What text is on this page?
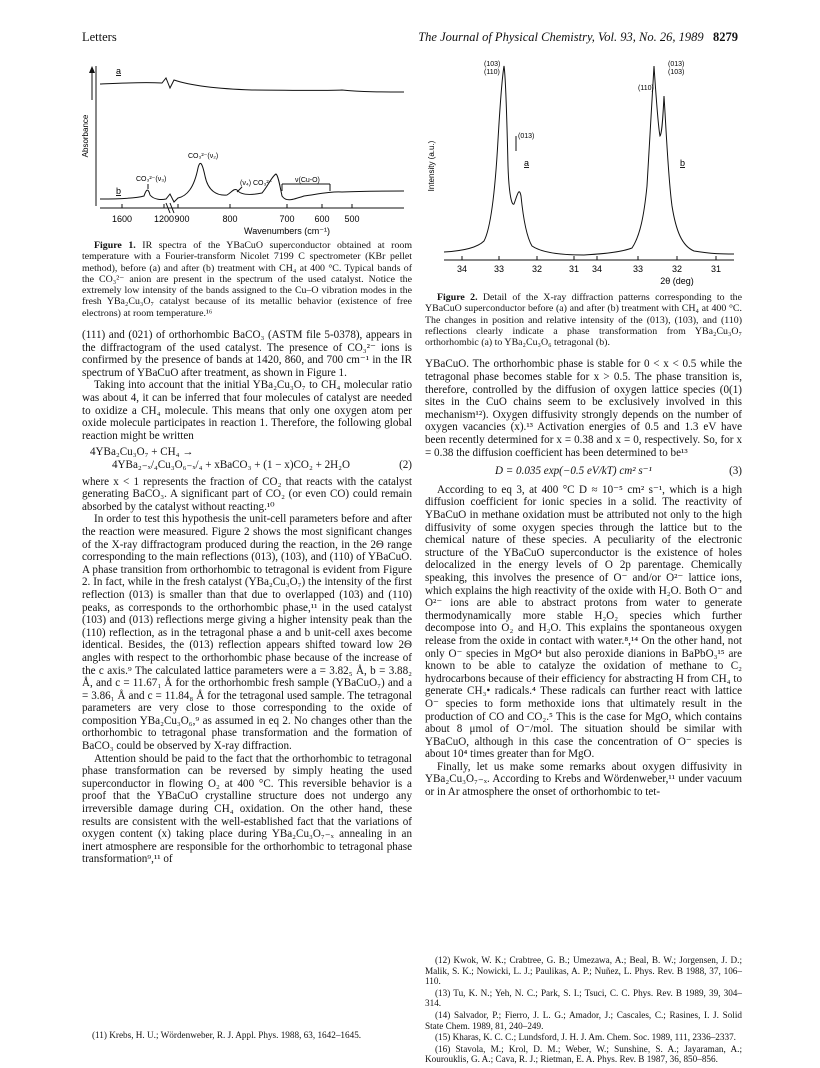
Letters	The Journal of Physical Chemistry, Vol. 93, No. 26, 1989 8279
Absorbance
1600 1200 900	800	700 600 500
Wavenumbers (cm⁻¹)
a
b
CO₃²⁻(ν₃)
CO₃²⁻(ν₂)
(ν₄) CO₃²⁻	ν(Cu-O)

Figure 1. IR spectra of the YBaCuO superconductor obtained at room temperature with a Fourier-transform Nicolet 7199 C spectrometer (KBr pellet method), before (a) and after (b) treatment with CH₄ at 400 °C. Typical bands of the CO₃²⁻ anion are present in the spectrum of the used catalyst. Notice the extremely low intensity of the bands assigned to the Cu–O vibration modes in the fresh YBa₂Cu₃O₇ catalyst because of its metallic behavior (existence of free electrons) at room temperature.¹⁶

(111) and (021) of orthorhombic BaCO₃ (ASTM file 5-0378), appears in the diffractogram of the used catalyst. The presence of CO₃²⁻ ions is confirmed by the presence of bands at 1420, 860, and 700 cm⁻¹ in the IR spectrum of YBaCuO after treatment, as shown in Figure 1.

Taking into account that the initial YBa₂Cu₃O₇ to CH₄ molecular ratio was about 4, it can be inferred that four molecules of catalyst are needed to oxidize a CH₄ molecule. This means that only one oxygen atom per oxide molecule participates in reaction 1. Therefore, the following global reaction might be written

4YBa₂Cu₃O₇ + CH₄ →
4YBa₂₋ₓ/₄Cu₃O₆₋ₓ/₄ + xBaCO₃ + (1 − x)CO₂ + 2H₂O	(2)

where x < 1 represents the fraction of CO₂ that reacts with the catalyst generating BaCO₃. A significant part of CO₂ (or even CO) could remain absorbed by the catalyst without reacting.¹⁰

In order to test this hypothesis the unit-cell parameters before and after the reaction were measured. Figure 2 shows the most significant changes of the X-ray diffractogram produced during the reaction, in the 2Θ range corresponding to the main reflections (013), (103), and (110) of YBaCuO. A phase transition from orthorhombic to tetragonal is evident from Figure 2. In fact, while in the fresh catalyst (YBa₂Cu₃O₇) the intensity of the first reflection (013) is smaller than that due to overlapped (103) and (110) peaks, as corresponds to the orthorhombic phase,¹¹ in the used catalyst (103) and (013) reflections merge giving a higher intensity peak than the (110) reflection, as in the tetragonal phase a and b unit-cell axes become identical. Besides, the (013) reflection appears shifted toward low 2Θ angles with respect to the orthorhombic phase because of the increase of the c axis.⁹ The calculated lattice parameters were a = 3.82₅ Å, b = 3.88₂ Å, and c = 11.67₁ Å for the orthorhombic fresh sample (YBaCuO₇) and a = 3.86₁ Å and c = 11.84₈ Å for the tetragonal used sample. The tetragonal parameters are very close to those corresponding to the oxide of composition YBa₂Cu₃O₆,⁹ as assumed in eq 2. No changes other than the orthorhombic to tetragonal phase transformation and the formation of BaCO₃ could be observed by X-ray diffraction.

Attention should be paid to the fact that the orthorhombic to tetragonal phase transformation can be reversed by simply heating the used superconductor in flowing O₂ at 400 °C. This reversible behavior is a proof that the YBaCuO crystalline structure does not undergo any irreversible damage during CH₄ oxidation. On the other hand, these results are consistent with the well-established fact that the variations of oxygen content (x) taking place during YBa₂Cu₃O₇₋ₓ annealing in an inert atmosphere are responsible for the orthorhombic to tetragonal phase transformation⁹,¹¹ of

(11) Krebs, H. U.; Wördenweber, R. J. Appl. Phys. 1988, 63, 1642–1645.

Intensity (a.u.)
34	33	32	31 34	33	32	31
2θ (deg)
(103)
(110)
(013)
a
(013)
(103)
(110)
b

Figure 2. Detail of the X-ray diffraction patterns corresponding to the YBaCuO superconductor before (a) and after (b) treatment with CH₄ at 400 °C. The changes in position and relative intensity of the (013), (103), and (110) reflections clearly indicate a phase transformation from YBa₂Cu₃O₇ orthorhombic (a) to YBa₂Cu₃O₆ tetragonal (b).

YBaCuO. The orthorhombic phase is stable for 0 < x < 0.5 while the tetragonal phase becomes stable for x > 0.5. The phase transition is, therefore, controlled by the diffusion of oxygen lattice species (0(1) sites in the CuO chains seem to be exclusively involved in this mechanism¹²). Oxygen diffusivity strongly depends on the number of oxygen vacancies (x).¹³ Activation energies of 0.5 and 1.3 eV have been recently determined for x = 0.38 and x = 0, respectively. So, for x = 0.38 the diffusion coefficient has been determined to be¹³

D = 0.035 exp(−0.5 eV/kT) cm² s⁻¹	(3)

According to eq 3, at 400 °C D ≈ 10⁻⁵ cm² s⁻¹, which is a high diffusion coefficient for ionic species in a solid. The reactivity of YBaCuO in methane oxidation must be attributed not only to the high diffusivity of some oxygen species through the lattice but to the chemical nature of these species. A peculiarity of the electronic structure of the YBaCuO superconductor is the existence of holes delocalized in the energy levels of O 2p parentage. Chemically speaking, this involves the presence of O⁻ and/or O²⁻ lattice ions, which explains the high reactivity of the oxide with H₂O. Both O⁻ and O²⁻ ions are able to abstract protons from water to generate thermodynamically more stable H₂O₂ species which further decompose into O₂ and H₂O. This explains the spontaneous oxygen release from the oxide in contact with water.⁸,¹⁴ On the other hand, not only O⁻ species in MgO⁴ but also peroxide dianions in BaPbO₃¹⁵ are known to be able to catalyze the oxidation of methane to C₂ hydrocarbons because of their efficiency for abstracting H from CH₄ to generate CH₃• radicals.⁴ These radicals can further react with lattice O⁻ species to form methoxide ions that ultimately result in the production of CO and CO₂.⁵ This is the case for MgO, which contains about 8 μmol of O⁻/mol. The situation should be similar with YBaCuO, although in this case the concentration of O⁻ species is about 10⁴ times greater than for MgO.

Finally, let us make some remarks about oxygen diffusivity in YBa₂Cu₃O₇₋ₓ. According to Krebs and Wördenweber,¹¹ under vacuum or in Ar atmosphere the onset of orthorhombic to tet-

(12) Kwok, W. K.; Crabtree, G. B.; Umezawa, A.; Beal, B. W.; Jorgensen, J. D.; Malik, S. K.; Nowicki, L. J.; Paulikas, A. P.; Nuñez, L. Phys. Rev. B 1988, 37, 106–110.

(13) Tu, K. N.; Yeh, N. C.; Park, S. I.; Tsuci, C. C. Phys. Rev. B 1989, 39, 304–314.

(14) Salvador, P.; Fierro, J. L. G.; Amador, J.; Cascales, C.; Rasines, I. J. Solid State Chem. 1989, 81, 240–249.

(15) Kharas, K. C. C.; Lundsford, J. H. J. Am. Chem. Soc. 1989, 111, 2336–2337.

(16) Stavola, M.; Krol, D. M.; Weber, W.; Sunshine, S. A.; Jayaraman, A.; Kourouklis, G. A.; Cava, R. J.; Rietman, E. A. Phys. Rev. B 1987, 36, 850–856.
